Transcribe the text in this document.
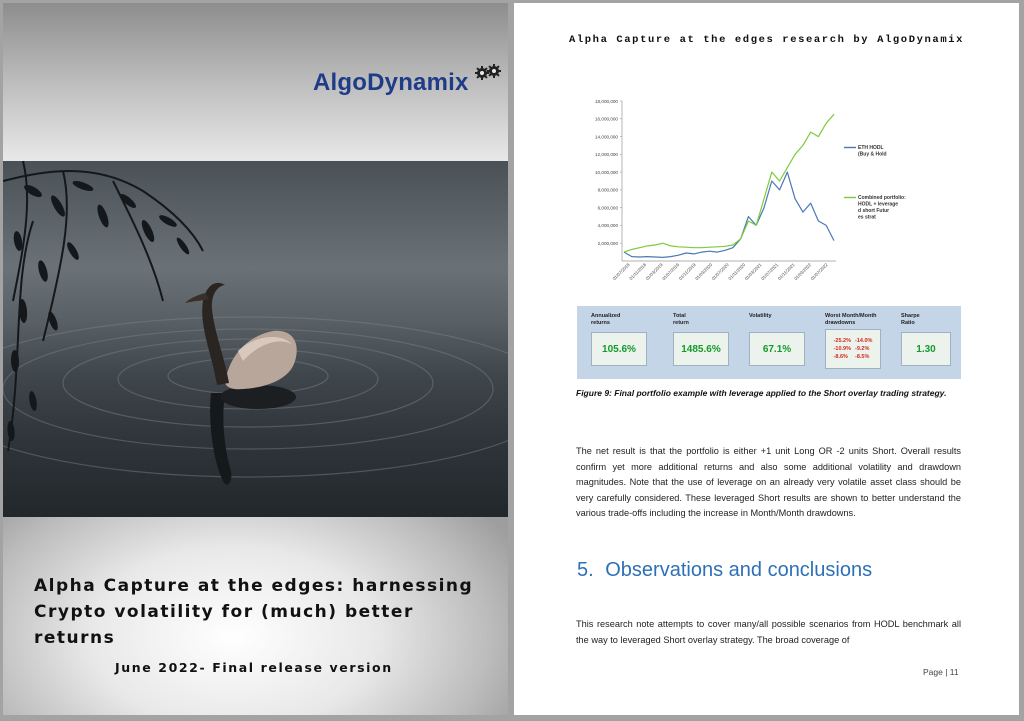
AlgoDynamix
Alpha Capture at the edges: harnessing
Crypto volatility for (much) better returns
June 2022- Final release version
Alpha Capture at the edges research by AlgoDynamix
2,000,000
4,000,000
6,000,000
8,000,000
10,000,000
12,000,000
14,000,000
16,000,000
18,000,000
01/07/2018
01/11/2018
01/03/2019
01/07/2019
01/11/2019
01/03/2020
01/07/2020
01/11/2020
01/03/2021
01/07/2021
01/11/2021
01/03/2022
01/07/2022
ETH HODL (Buy & Hold
Combined portfolio: HODL + leverage d short Futur es strat
Annualized returns
105.6%
Total return
1485.6%
Volatility
67.1%
Worst Month/Month drawdowns
-25.2% -14.0%
-10.9% -9.2%
-8.6%	-8.5%
Sharpe Ratio
1.30
Figure 9: Final portfolio example with leverage applied to the Short overlay trading strategy.
The net result is that the portfolio is either +1 unit Long OR -2 units Short. Overall results confirm yet more additional returns and also some additional volatility and drawdown magnitudes. Note that the use of leverage on an already very volatile asset class should be very carefully considered. These leveraged Short results are shown to better understand the various trade-offs including the increase in Month/Month drawdowns.
5. Observations and conclusions
This research note attempts to cover many/all possible scenarios from HODL benchmark all the way to leveraged Short overlay strategy. The broad coverage of
Page | 11
